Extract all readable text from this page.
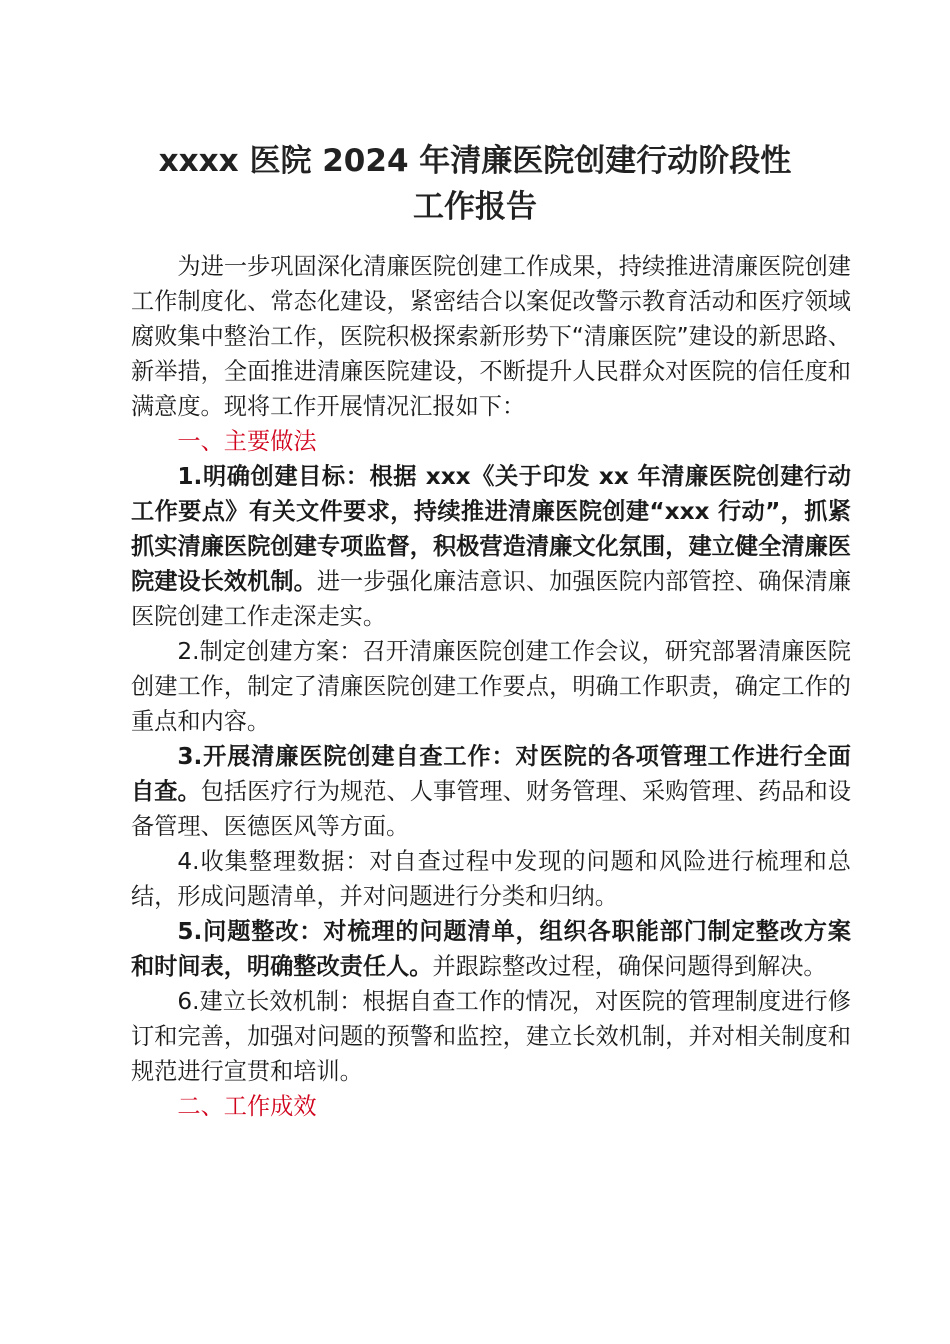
xxxx 医院 2024 年清廉医院创建行动阶段性
工作报告

为进一步巩固深化清廉医院创建工作成果，持续推进清廉医院创建工作制度化、常态化建设，紧密结合以案促改警示教育活动和医疗领域腐败集中整治工作，医院积极探索新形势下“清廉医院”建设的新思路、新举措，全面推进清廉医院建设，不断提升人民群众对医院的信任度和满意度。现将工作开展情况汇报如下：

一、主要做法

1.明确创建目标：根据 xxx《关于印发 xx 年清廉医院创建行动工作要点》有关文件要求，持续推进清廉医院创建“xxx 行动”，抓紧抓实清廉医院创建专项监督，积极营造清廉文化氛围，建立健全清廉医院建设长效机制。进一步强化廉洁意识、加强医院内部管控、确保清廉医院创建工作走深走实。

2.制定创建方案：召开清廉医院创建工作会议，研究部署清廉医院创建工作，制定了清廉医院创建工作要点，明确工作职责，确定工作的重点和内容。

3.开展清廉医院创建自查工作：对医院的各项管理工作进行全面自查。包括医疗行为规范、人事管理、财务管理、采购管理、药品和设备管理、医德医风等方面。

4.收集整理数据：对自查过程中发现的问题和风险进行梳理和总结，形成问题清单，并对问题进行分类和归纳。

5.问题整改：对梳理的问题清单，组织各职能部门制定整改方案和时间表，明确整改责任人。并跟踪整改过程，确保问题得到解决。

6.建立长效机制：根据自查工作的情况，对医院的管理制度进行修订和完善，加强对问题的预警和监控，建立长效机制，并对相关制度和规范进行宣贯和培训。

二、工作成效
